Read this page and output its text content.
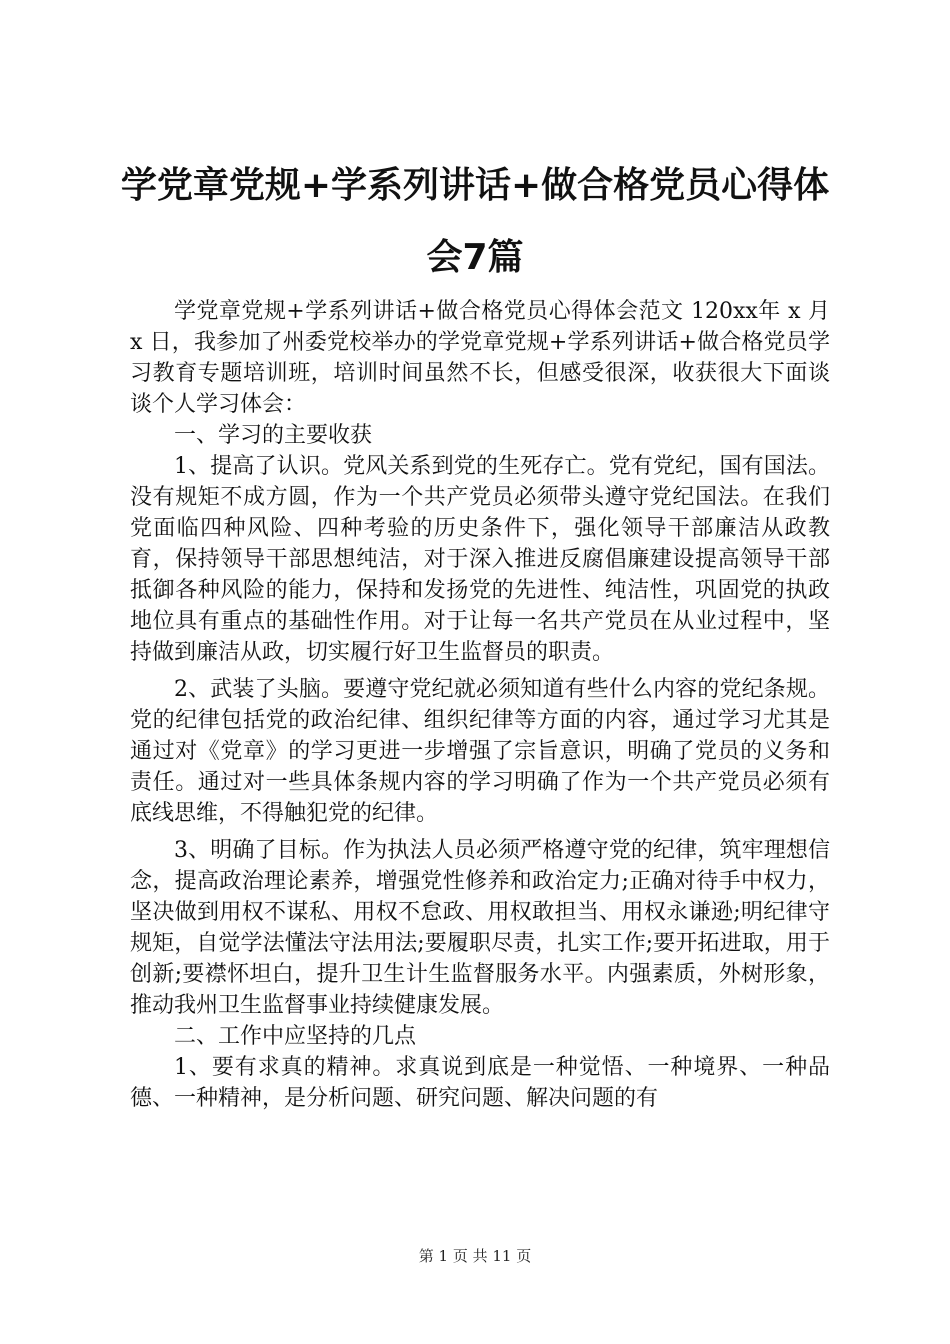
学党章党规+学系列讲话+做合格党员心得体会7篇

学党章党规+学系列讲话+做合格党员心得体会范文 120xx年 x 月 x 日，我参加了州委党校举办的学党章党规+学系列讲话+做合格党员学习教育专题培训班，培训时间虽然不长，但感受很深，收获很大下面谈谈个人学习体会：

一、学习的主要收获

1、提高了认识。党风关系到党的生死存亡。党有党纪，国有国法。没有规矩不成方圆，作为一个共产党员必须带头遵守党纪国法。在我们党面临四种风险、四种考验的历史条件下，强化领导干部廉洁从政教育，保持领导干部思想纯洁，对于深入推进反腐倡廉建设提高领导干部抵御各种风险的能力，保持和发扬党的先进性、纯洁性，巩固党的执政地位具有重点的基础性作用。对于让每一名共产党员在从业过程中，坚持做到廉洁从政，切实履行好卫生监督员的职责。

2、武装了头脑。要遵守党纪就必须知道有些什么内容的党纪条规。党的纪律包括党的政治纪律、组织纪律等方面的内容，通过学习尤其是通过对《党章》的学习更进一步增强了宗旨意识，明确了党员的义务和责任。通过对一些具体条规内容的学习明确了作为一个共产党员必须有底线思维，不得触犯党的纪律。

3、明确了目标。作为执法人员必须严格遵守党的纪律，筑牢理想信念，提高政治理论素养，增强党性修养和政治定力;正确对待手中权力，坚决做到用权不谋私、用权不怠政、用权敢担当、用权永谦逊;明纪律守规矩，自觉学法懂法守法用法;要履职尽责，扎实工作;要开拓进取，用于创新;要襟怀坦白，提升卫生计生监督服务水平。内强素质，外树形象，推动我州卫生监督事业持续健康发展。

二、工作中应坚持的几点

1、要有求真的精神。求真说到底是一种觉悟、一种境界、一种品德、一种精神，是分析问题、研究问题、解决问题的有

第 1 页 共 11 页
